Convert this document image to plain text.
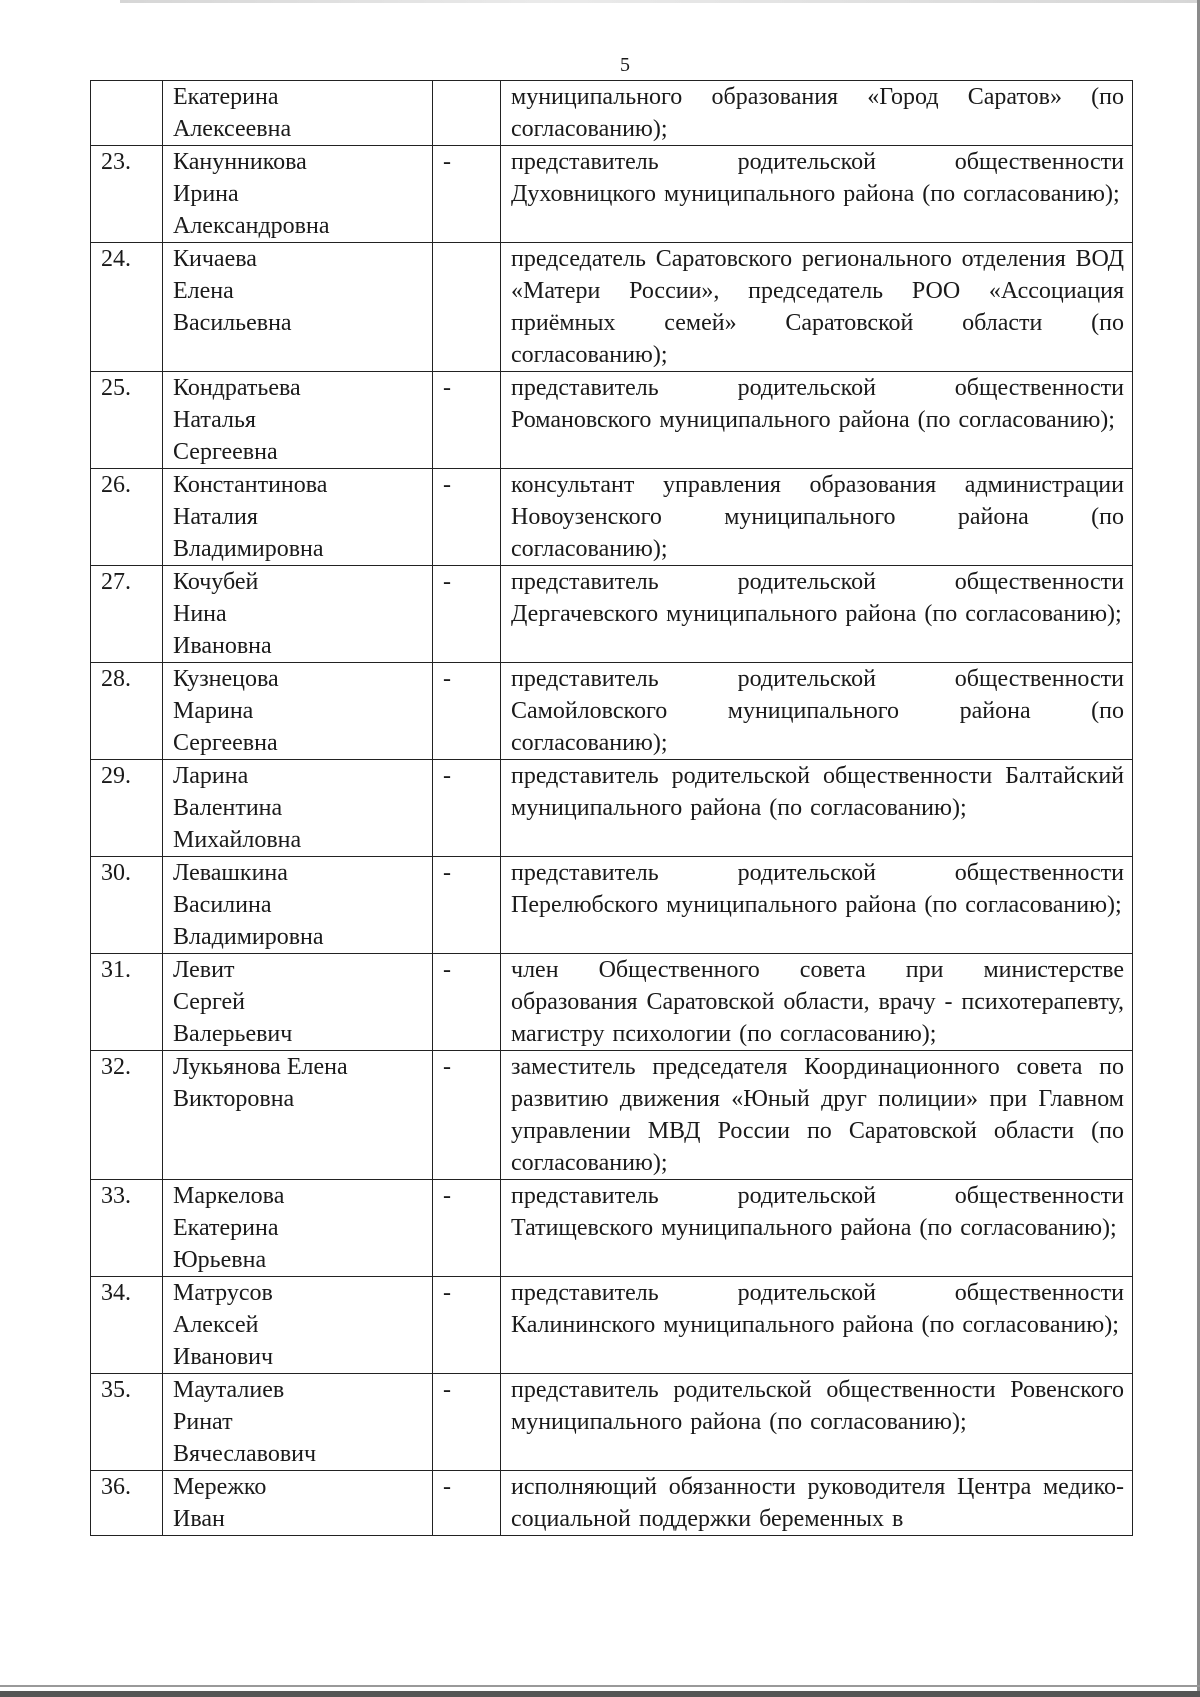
5

	Екатерина
Алексеевна		муниципального образования «Город Саратов» (по согласованию);
23.	Канунникова
Ирина
Александровна	-	представитель родительской общественности Духовницкого муниципального района (по согласованию);
24.	Кичаева
Елена
Васильевна		председатель Саратовского регионального отделения ВОД «Матери России», председатель РОО «Ассоциация приёмных семей» Саратовской области (по согласованию);
25.	Кондратьева
Наталья
Сергеевна	-	представитель родительской общественности Романовского муниципального района (по согласованию);
26.	Константинова
Наталия
Владимировна	-	консультант управления образования администрации Новоузенского муниципального района (по согласованию);
27.	Кочубей
Нина
Ивановна	-	представитель родительской общественности Дергачевского муниципального района (по согласованию);
28.	Кузнецова
Марина
Сергеевна	-	представитель родительской общественности Самойловского муниципального района (по согласованию);
29.	Ларина
Валентина
Михайловна	-	представитель родительской общественности Балтайский муниципального района (по согласованию);
30.	Левашкина
Василина
Владимировна	-	представитель родительской общественности Перелюбского муниципального района (по согласованию);
31.	Левит
Сергей
Валерьевич	-	член Общественного совета при министерстве образования Саратовской области, врачу - психотерапевту, магистру психологии (по согласованию);
32.	Лукьянова Елена
Викторовна	-	заместитель председателя Координационного совета по развитию движения «Юный друг полиции» при Главном управлении МВД России по Саратовской области (по согласованию);
33.	Маркелова
Екатерина
Юрьевна	-	представитель родительской общественности Татищевского муниципального района (по согласованию);
34.	Матрусов
Алексей
Иванович	-	представитель родительской общественности Калининского муниципального района (по согласованию);
35.	Мауталиев
Ринат
Вячеславович	-	представитель родительской общественности Ровенского муниципального района (по согласованию);
36.	Мережко
Иван	-	исполняющий обязанности руководителя Центра медико-социальной поддержки беременных в
